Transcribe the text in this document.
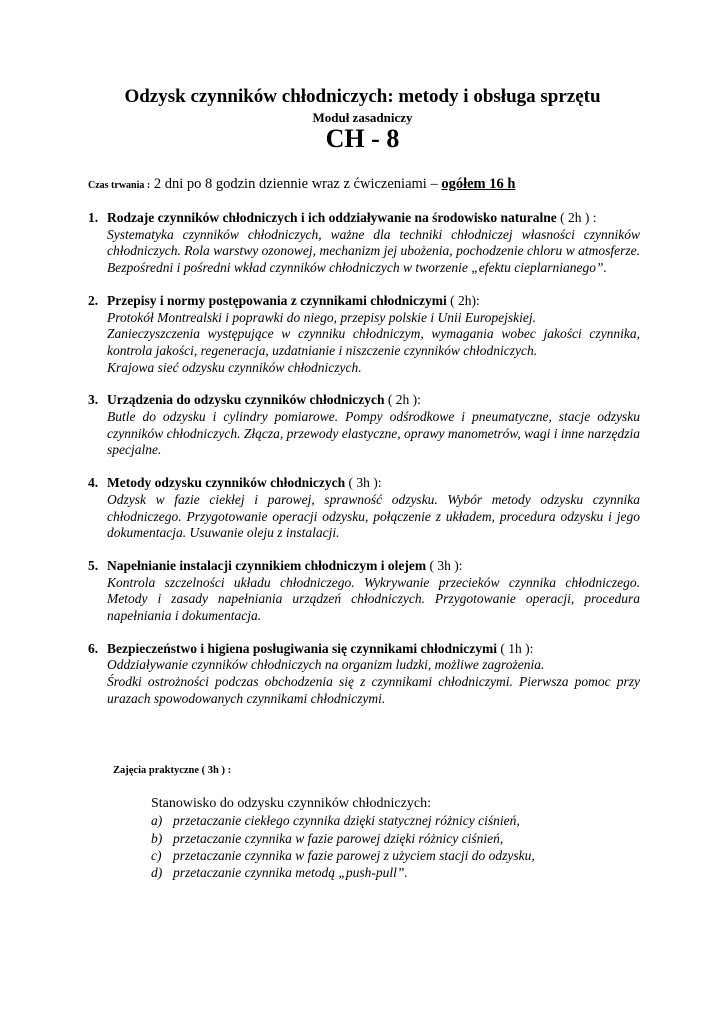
Odzysk czynników chłodniczych: metody i obsługa sprzętu
Moduł zasadniczy
CH - 8
Czas trwania : 2 dni po 8 godzin dziennie wraz z ćwiczeniami – ogółem 16 h
1. Rodzaje czynników chłodniczych i ich oddziaływanie na środowisko naturalne ( 2h ) :
Systematyka czynników chłodniczych, ważne dla techniki chłodniczej własności czynników chłodniczych. Rola warstwy ozonowej, mechanizm jej ubożenia, pochodzenie chloru w atmosferze. Bezpośredni i pośredni wkład czynników chłodniczych w tworzenie „efektu cieplarnianego”.
2. Przepisy i normy postępowania z czynnikami chłodniczymi ( 2h):
Protokół Montrealski i poprawki do niego, przepisy polskie i Unii Europejskiej.
Zanieczyszczenia występujące w czynniku chłodniczym, wymagania wobec jakości czynnika, kontrola jakości, regeneracja, uzdatnianie i niszczenie czynników chłodniczych.
Krajowa sieć odzysku czynników chłodniczych.
3. Urządzenia do odzysku czynników chłodniczych ( 2h ):
Butle do odzysku i cylindry pomiarowe. Pompy odśrodkowe i pneumatyczne, stacje odzysku czynników chłodniczych. Złącza, przewody elastyczne, oprawy manometrów, wagi i inne narzędzia specjalne.
4. Metody odzysku czynników chłodniczych ( 3h ):
Odzysk w fazie ciekłej i parowej, sprawność odzysku. Wybór metody odzysku czynnika chłodniczego. Przygotowanie operacji odzysku, połączenie z układem, procedura odzysku i jego dokumentacja. Usuwanie oleju z instalacji.
5. Napełnianie instalacji czynnikiem chłodniczym i olejem ( 3h ):
Kontrola szczelności układu chłodniczego. Wykrywanie przecieków czynnika chłodniczego. Metody i zasady napełniania urządzeń chłodniczych. Przygotowanie operacji, procedura napełniania i dokumentacja.
6. Bezpieczeństwo i higiena posługiwania się czynnikami chłodniczymi ( 1h ):
Oddziaływanie czynników chłodniczych na organizm ludzki, możliwe zagrożenia.
Środki ostrożności podczas obchodzenia się z czynnikami chłodniczymi. Pierwsza pomoc przy urazach spowodowanych czynnikami chłodniczymi.
Zajęcia praktyczne ( 3h ) :
Stanowisko do odzysku czynników chłodniczych:
a) przetaczanie ciekłego czynnika dzięki statycznej różnicy ciśnień,
b) przetaczanie czynnika w fazie parowej dzięki różnicy ciśnień,
c) przetaczanie czynnika w fazie parowej z użyciem stacji do odzysku,
d) przetaczanie czynnika metodą „push-pull”.
